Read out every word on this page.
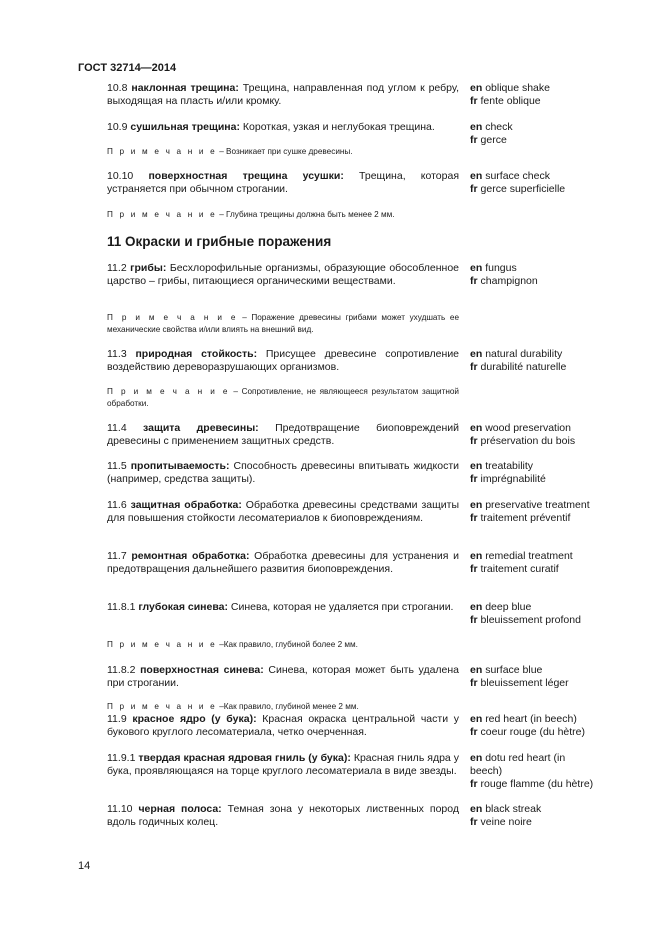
ГОСТ 32714—2014
10.8 наклонная трещина: Трещина, направленная под углом к ребру, выходящая на пласть и/или кромку.
en oblique shake
fr fente oblique
10.9 сушильная трещина: Короткая, узкая и неглубокая трещина.	en check
fr gerce
П р и м е ч а н и е – Возникает при сушке древесины.
10.10 поверхностная трещина усушки: Трещина, которая устраняется при обычном строгании.
en surface check
fr gerce superficielle
П р и м е ч а н и е – Глубина трещины должна быть менее 2 мм.
11 Окраски и грибные поражения
11.2 грибы: Бесхлорофильные организмы, образующие обособленное царство – грибы, питающиеся органическими веществами.
en fungus
fr champignon
П р и м е ч а н и е – Поражение древесины грибами может ухудшать ее механические свойства и/или влиять на внешний вид.
11.3 природная стойкость: Присущее древесине сопротивление воздействию дереворазрушающих организмов.
en natural durability
fr durabilité naturelle
П р и м е ч а н и е – Сопротивление, не являющееся результатом защитной обработки.
11.4 защита древесины: Предотвращение биоповреждений древесины с применением защитных средств.
en wood preservation
fr préservation du bois
11.5 пропитываемость: Способность древесины впитывать жидкости (например, средства защиты).
en treatability
fr imprégnabilité
11.6 защитная обработка: Обработка древесины средствами защиты для повышения стойкости лесоматериалов к биоповреждениям.
en preservative treatment
fr traitement préventif
11.7 ремонтная обработка: Обработка древесины для устранения и предотвращения дальнейшего развития биоповреждения.
en remedial treatment
fr traitement curatif
11.8.1 глубокая синева: Синева, которая не удаляется при строгании.	en deep blue
fr bleuissement profond
П р и м е ч а н и е –Как правило, глубиной более 2 мм.
11.8.2 поверхностная синева: Синева, которая может быть удалена при строгании.
en surface blue
fr bleuissement léger
П р и м е ч а н и е –Как правило, глубиной менее 2 мм.
11.9 красное ядро (у бука): Красная окраска центральной части у букового круглого лесоматериала, четко очерченная.
en red heart (in beech)
fr coeur rouge (du hètre)
11.9.1 твердая красная ядровая гниль (у бука): Красная гниль ядра у бука, проявляющаяся на торце круглого лесоматериала в виде звезды.
en dotu red heart (in beech)
fr rouge flamme (du hètre)
11.10 черная полоса: Темная зона у некоторых лиственных пород вдоль годичных колец.
en black streak
fr veine noire
14
